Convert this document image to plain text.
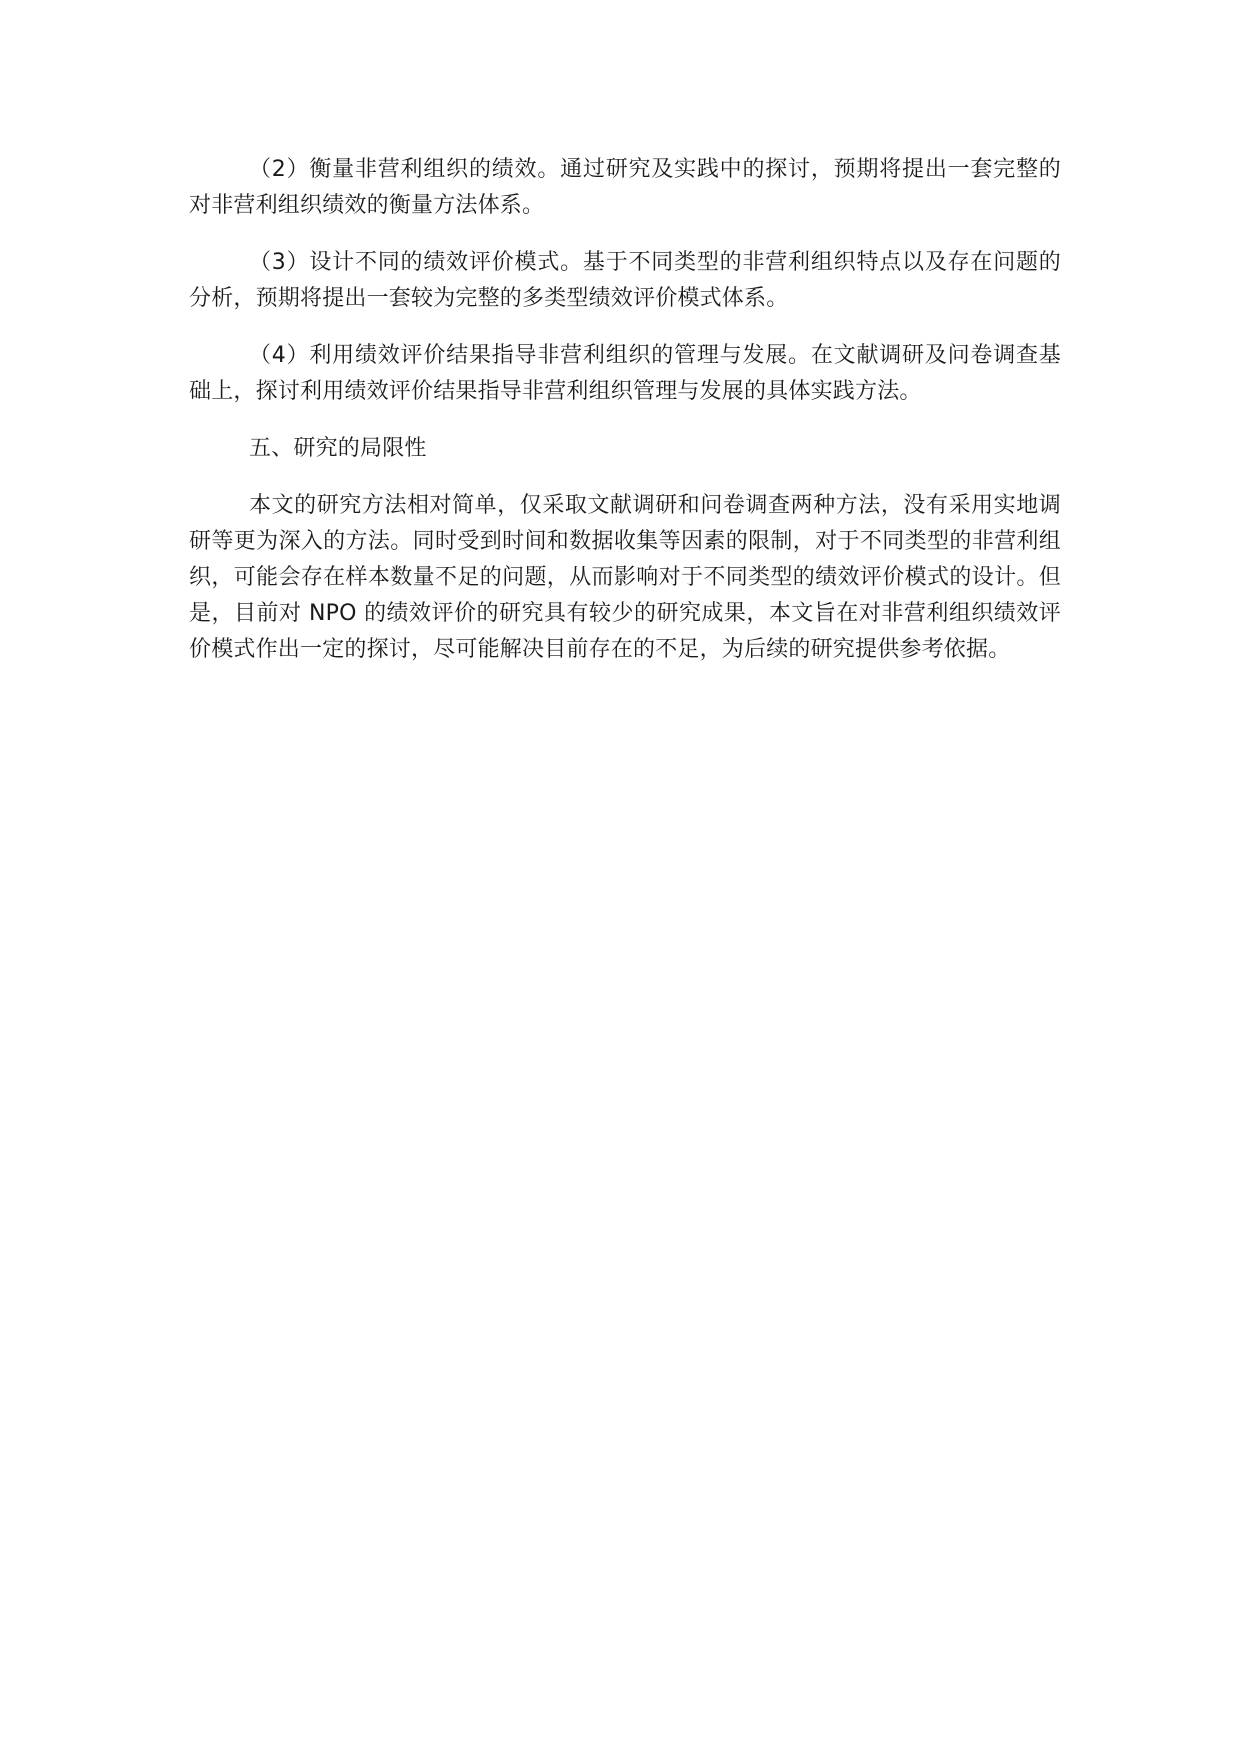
（2）衡量非营利组织的绩效。通过研究及实践中的探讨，预期将提出一套完整的对非营利组织绩效的衡量方法体系。

（3）设计不同的绩效评价模式。基于不同类型的非营利组织特点以及存在问题的分析，预期将提出一套较为完整的多类型绩效评价模式体系。

（4）利用绩效评价结果指导非营利组织的管理与发展。在文献调研及问卷调查基础上，探讨利用绩效评价结果指导非营利组织管理与发展的具体实践方法。

五、研究的局限性

本文的研究方法相对简单，仅采取文献调研和问卷调查两种方法，没有采用实地调研等更为深入的方法。同时受到时间和数据收集等因素的限制，对于不同类型的非营利组织，可能会存在样本数量不足的问题，从而影响对于不同类型的绩效评价模式的设计。但是，目前对 NPO 的绩效评价的研究具有较少的研究成果，本文旨在对非营利组织绩效评价模式作出一定的探讨，尽可能解决目前存在的不足，为后续的研究提供参考依据。
